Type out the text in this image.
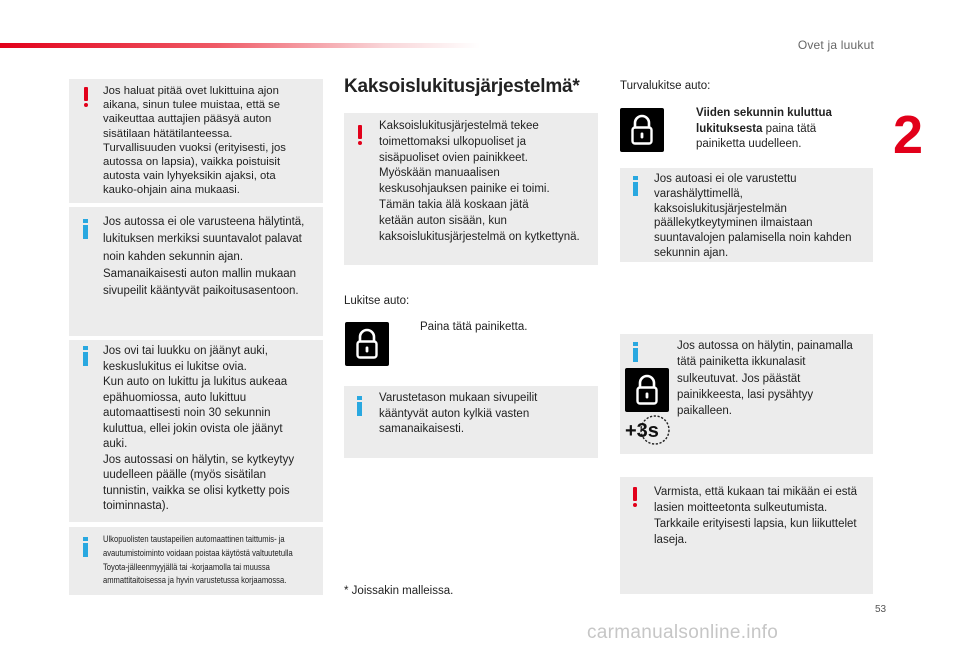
Ovet ja luukut
2
Jos haluat pitää ovet lukittuina ajon
aikana, sinun tulee muistaa, että se
vaikeuttaa auttajien pääsyä auton
sisätilaan hätätilanteessa.
Turvallisuuden vuoksi (erityisesti, jos
autossa on lapsia), vaikka poistuisit
autosta vain lyhyeksikin ajaksi, ota
kauko-ohjain aina mukaasi.
Jos autossa ei ole varusteena hälytintä,
lukituksen merkiksi suuntavalot palavat
noin kahden sekunnin ajan.
Samanaikaisesti auton mallin mukaan
sivupeilit kääntyvät paikoitusasentoon.
Jos ovi tai luukku on jäänyt auki,
keskuslukitus ei lukitse ovia.
Kun auto on lukittu ja lukitus aukeaa
epähuomiossa, auto lukittuu
automaattisesti noin 30 sekunnin
kuluttua, ellei jokin ovista ole jäänyt
auki.
Jos autossasi on hälytin, se kytkeytyy
uudelleen päälle (myös sisätilan
tunnistin, vaikka se olisi kytketty pois
toiminnasta).
Ulkopuolisten taustapeilien automaattinen taittumis- ja
avautumistoiminto voidaan poistaa käytöstä valtuutetulla
Toyota-jälleenmyyjällä tai -korjaamolla tai muussa
ammattitaitoisessa ja hyvin varustetussa korjaamossa.
Kaksoislukitusjärjestelmä*
Kaksoislukitusjärjestelmä tekee
toimettomaksi ulkopuoliset ja
sisäpuoliset ovien painikkeet.
Myöskään manuaalisen
keskusohjauksen painike ei toimi.
Tämän takia älä koskaan jätä
ketään auton sisään, kun
kaksoislukitusjärjestelmä on kytkettynä.
Lukitse auto:
Paina tätä painiketta.
Varustetason mukaan sivupeilit
kääntyvät auton kylkiä vasten
samanaikaisesti.
* Joissakin malleissa.
Turvalukitse auto:
Viiden sekunnin kuluttua
lukituksesta paina tätä
painiketta uudelleen.
Jos autoasi ei ole varustettu
varashälyttimellä,
kaksoislukitusjärjestelmän
päällekytkeytyminen ilmaistaan
suuntavalojen palamisella noin kahden
sekunnin ajan.
+3s
Jos autossa on hälytin, painamalla
tätä painiketta ikkunalasit
sulkeutuvat. Jos päästät
painikkeesta, lasi pysähtyy
paikalleen.
Varmista, että kukaan tai mikään ei estä
lasien moitteetonta sulkeutumista.
Tarkkaile erityisesti lapsia, kun liikuttelet
laseja.
53
carmanualsonline.info
